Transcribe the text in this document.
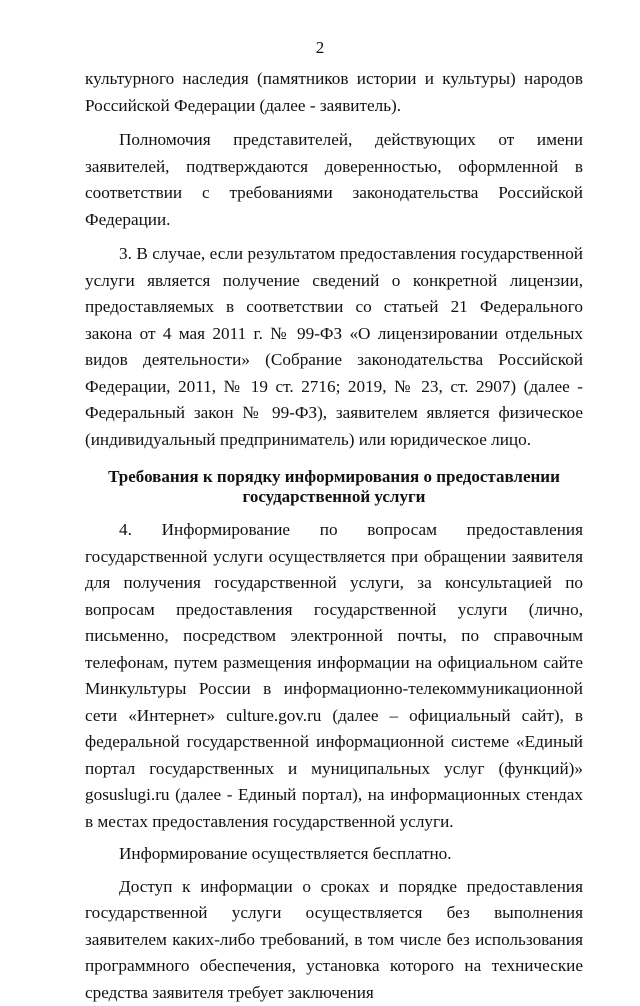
2

культурного наследия (памятников истории и культуры) народов Российской Федерации (далее - заявитель).

Полномочия представителей, действующих от имени заявителей, подтверждаются доверенностью, оформленной в соответствии с требованиями законодательства Российской Федерации.

3. В случае, если результатом предоставления государственной услуги является получение сведений о конкретной лицензии, предоставляемых в соответствии со статьей 21 Федерального закона от 4 мая 2011 г. № 99-ФЗ «О лицензировании отдельных видов деятельности» (Собрание законодательства Российской Федерации, 2011, № 19 ст. 2716; 2019, № 23, ст. 2907) (далее - Федеральный закон № 99-ФЗ), заявителем является физическое (индивидуальный предприниматель) или юридическое лицо.

Требования к порядку информирования о предоставлении
государственной услуги

4. Информирование по вопросам предоставления государственной услуги осуществляется при обращении заявителя для получения государственной услуги, за консультацией по вопросам предоставления государственной услуги (лично, письменно, посредством электронной почты, по справочным телефонам, путем размещения информации на официальном сайте Минкультуры России в информационно-телекоммуникационной сети «Интернет» culture.gov.ru (далее – официальный сайт), в федеральной государственной информационной системе «Единый портал государственных и муниципальных услуг (функций)» gosuslugi.ru (далее - Единый портал), на информационных стендах в местах предоставления государственной услуги.

Информирование осуществляется бесплатно.

Доступ к информации о сроках и порядке предоставления государственной услуги осуществляется без выполнения заявителем каких-либо требований, в том числе без использования программного обеспечения, установка которого на технические средства заявителя требует заключения
